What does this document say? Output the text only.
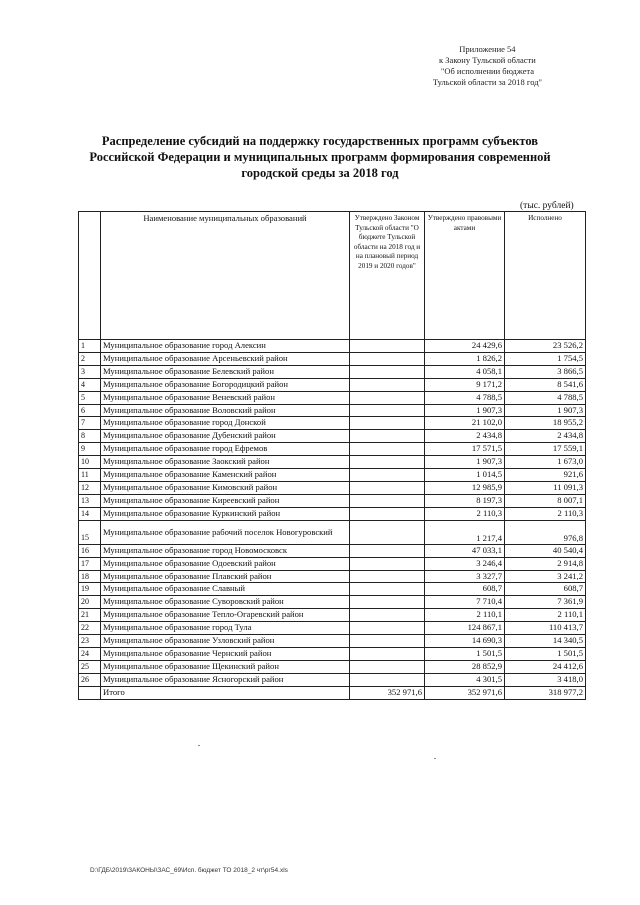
Приложение 54
к Закону Тульской области
"Об исполнении бюджета
Тульской области за 2018 год"
Распределение субсидий на поддержку государственных программ субъектов
Российской Федерации и муниципальных программ формирования современной
городской среды за 2018 год
(тыс. рублей)
	Наименование муниципальных образований	Утверждено Законом Тульской области "О бюджете Тульской области на 2018 год и на плановый период 2019 и 2020 годов"	Утверждено правовыми актами	Исполнено
1	Муниципальное образование город Алексин		24 429,6	23 526,2
2	Муниципальное образование Арсеньевский район		1 826,2	1 754,5
3	Муниципальное образование Белевский район		4 058,1	3 866,5
4	Муниципальное образование Богородицкий район		9 171,2	8 541,6
5	Муниципальное образование Веневский район		4 788,5	4 788,5
6	Муниципальное образование Воловский район		1 907,3	1 907,3
7	Муниципальное образование город Донской		21 102,0	18 955,2
8	Муниципальное образование Дубенский район		2 434,8	2 434,8
9	Муниципальное образование город Ефремов		17 571,5	17 559,1
10	Муниципальное образование Заокский район		1 907,3	1 673,0
11	Муниципальное образование Каменский район		1 014,5	921,6
12	Муниципальное образование Кимовский район		12 985,9	11 091,3
13	Муниципальное образование Киреевский район		8 197,3	8 007,1
14	Муниципальное образование Куркинский район		2 110,3	2 110,3
15	Муниципальное образование рабочий поселок Новогуровский		1 217,4	976,8
16	Муниципальное образование город Новомосковск		47 033,1	40 540,4
17	Муниципальное образование Одоевский район		3 246,4	2 914,8
18	Муниципальное образование Плавский район		3 327,7	3 241,2
19	Муниципальное образование Славный		608,7	608,7
20	Муниципальное образование Суворовский район		7 710,4	7 361,9
21	Муниципальное образование Тепло-Огаревский район		2 110,1	2 110,1
22	Муниципальное образование город Тула		124 867,1	110 413,7
23	Муниципальное образование Узловский район		14 690,3	14 340,5
24	Муниципальное образование Чернский район		1 501,5	1 501,5
25	Муниципальное образование Щекинский район		28 852,9	24 412,6
26	Муниципальное образование Ясногорский район		4 301,5	3 418,0
	Итого	352 971,6	352 971,6	318 977,2
D:\ГДБ\2019\ЗАКОНЫ\ЗАС_69\Исп. бюджет ТО 2018_2 чт\рг54.xls
